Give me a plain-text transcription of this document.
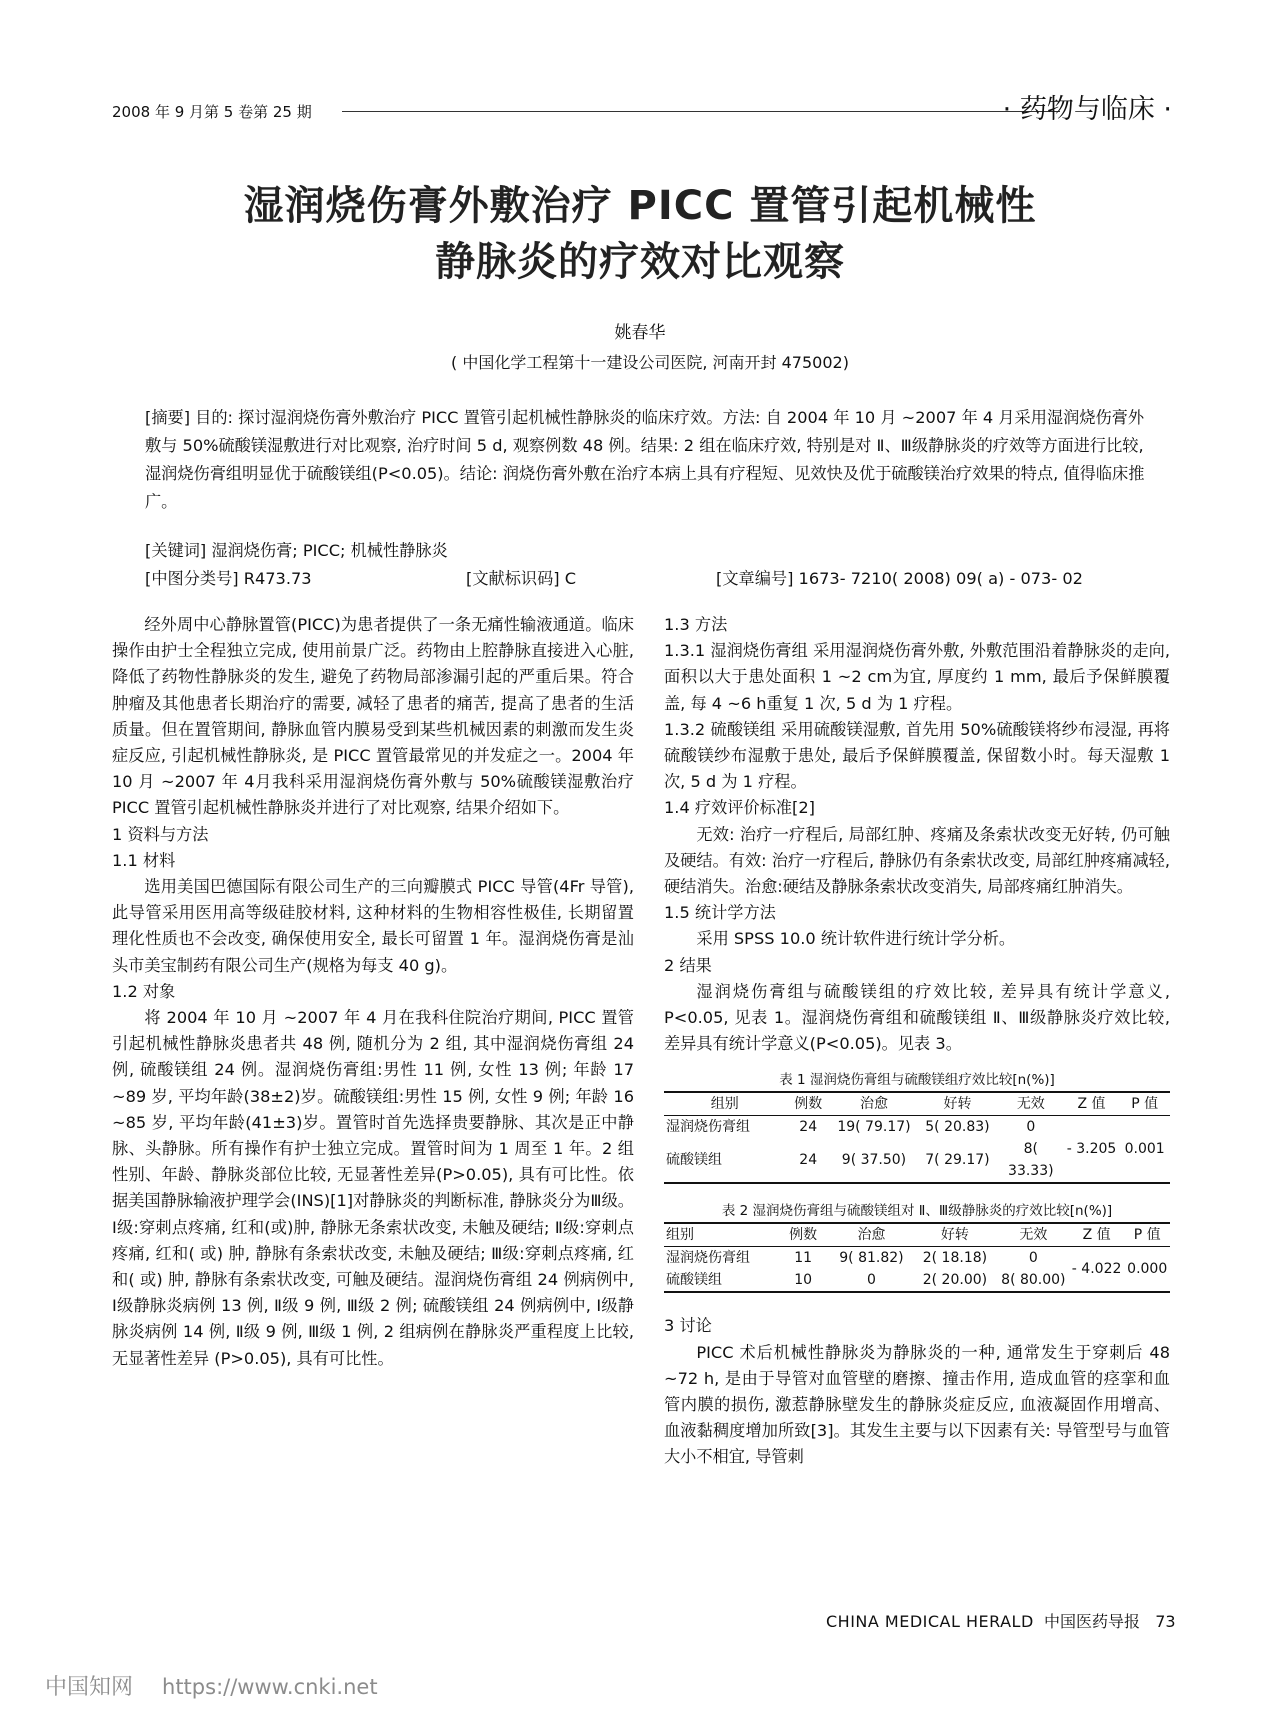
2008 年 9 月第 5 卷第 25 期	· 药物与临床 ·
湿润烧伤膏外敷治疗 PICC 置管引起机械性
静脉炎的疗效对比观察
姚春华
( 中国化学工程第十一建设公司医院, 河南开封 475002)

[摘要] 目的: 探讨湿润烧伤膏外敷治疗 PICC 置管引起机械性静脉炎的临床疗效。方法: 自 2004 年 10 月 ~2007 年 4 月采用湿润烧伤膏外敷与 50%硫酸镁湿敷进行对比观察, 治疗时间 5 d, 观察例数 48 例。结果: 2 组在临床疗效, 特别是对 Ⅱ、Ⅲ级静脉炎的疗效等方面进行比较, 湿润烧伤膏组明显优于硫酸镁组(P<0.05)。结论: 润烧伤膏外敷在治疗本病上具有疗程短、见效快及优于硫酸镁治疗效果的特点, 值得临床推广。

[关键词] 湿润烧伤膏; PICC; 机械性静脉炎
[中图分类号] R473.73	[文献标识码] C	[文章编号] 1673- 7210( 2008) 09( a) - 073- 02

经外周中心静脉置管(PICC)为患者提供了一条无痛性输液通道。临床操作由护士全程独立完成, 使用前景广泛。药物由上腔静脉直接进入心脏, 降低了药物性静脉炎的发生, 避免了药物局部渗漏引起的严重后果。符合肿瘤及其他患者长期治疗的需要, 减轻了患者的痛苦, 提高了患者的生活质量。但在置管期间, 静脉血管内膜易受到某些机械因素的刺激而发生炎症反应, 引起机械性静脉炎, 是 PICC 置管最常见的并发症之一。2004 年 10 月 ~2007 年 4月我科采用湿润烧伤膏外敷与 50%硫酸镁湿敷治疗 PICC 置管引起机械性静脉炎并进行了对比观察, 结果介绍如下。

1 资料与方法

1.1 材料

选用美国巴德国际有限公司生产的三向瓣膜式 PICC 导管(4Fr 导管), 此导管采用医用高等级硅胶材料, 这种材料的生物相容性极佳, 长期留置理化性质也不会改变, 确保使用安全, 最长可留置 1 年。湿润烧伤膏是汕头市美宝制药有限公司生产(规格为每支 40 g)。

1.2 对象

将 2004 年 10 月 ~2007 年 4 月在我科住院治疗期间, PICC 置管引起机械性静脉炎患者共 48 例, 随机分为 2 组, 其中湿润烧伤膏组 24 例, 硫酸镁组 24 例。湿润烧伤膏组:男性 11 例, 女性 13 例; 年龄 17 ~89 岁, 平均年龄(38±2)岁。硫酸镁组:男性 15 例, 女性 9 例; 年龄 16 ~85 岁, 平均年龄(41±3)岁。置管时首先选择贵要静脉、其次是正中静脉、头静脉。所有操作有护士独立完成。置管时间为 1 周至 1 年。2 组性别、年龄、静脉炎部位比较, 无显著性差异(P>0.05), 具有可比性。依据美国静脉输液护理学会(INS)[1]对静脉炎的判断标准, 静脉炎分为Ⅲ级。Ⅰ级:穿刺点疼痛, 红和(或)肿, 静脉无条索状改变, 未触及硬结; Ⅱ级:穿刺点疼痛, 红和( 或) 肿, 静脉有条索状改变, 未触及硬结; Ⅲ级:穿刺点疼痛, 红和( 或) 肿, 静脉有条索状改变, 可触及硬结。湿润烧伤膏组 24 例病例中, Ⅰ级静脉炎病例 13 例, Ⅱ级 9 例, Ⅲ级 2 例; 硫酸镁组 24 例病例中, Ⅰ级静脉炎病例 14 例, Ⅱ级 9 例, Ⅲ级 1 例, 2 组病例在静脉炎严重程度上比较, 无显著性差异 (P>0.05), 具有可比性。

1.3 方法

1.3.1 湿润烧伤膏组 采用湿润烧伤膏外敷, 外敷范围沿着静脉炎的走向, 面积以大于患处面积 1 ~2 cm为宜, 厚度约 1 mm, 最后予保鲜膜覆盖, 每 4 ~6 h重复 1 次, 5 d 为 1 疗程。

1.3.2 硫酸镁组 采用硫酸镁湿敷, 首先用 50%硫酸镁将纱布浸湿, 再将硫酸镁纱布湿敷于患处, 最后予保鲜膜覆盖, 保留数小时。每天湿敷 1 次, 5 d 为 1 疗程。

1.4 疗效评价标准[2]

无效: 治疗一疗程后, 局部红肿、疼痛及条索状改变无好转, 仍可触及硬结。有效: 治疗一疗程后, 静脉仍有条索状改变, 局部红肿疼痛减轻, 硬结消失。治愈:硬结及静脉条索状改变消失, 局部疼痛红肿消失。

1.5 统计学方法

采用 SPSS 10.0 统计软件进行统计学分析。

2 结果

湿润烧伤膏组与硫酸镁组的疗效比较, 差异具有统计学意义, P<0.05, 见表 1。湿润烧伤膏组和硫酸镁组 Ⅱ、Ⅲ级静脉炎疗效比较, 差异具有统计学意义(P<0.05)。见表 3。

表 1 湿润烧伤膏组与硫酸镁组疗效比较[n(%)]
组别	例数	治愈	好转	无效	Z 值	P 值
湿润烧伤膏组	24	19( 79.17)	5( 20.83)	0	- 3.205	0.001
硫酸镁组	24	9( 37.50)	7( 29.17)	8( 33.33)		
表 2 湿润烧伤膏组与硫酸镁组对 Ⅱ、Ⅲ级静脉炎的疗效比较[n(%)]
组别	例数	治愈	好转	无效	Z 值	P 值
湿润烧伤膏组	11	9( 81.82)	2( 18.18)	0	- 4.022	0.000
硫酸镁组	10	0	2( 20.00)	8( 80.00)		

3 讨论

PICC 术后机械性静脉炎为静脉炎的一种, 通常发生于穿刺后 48 ~72 h, 是由于导管对血管壁的磨擦、撞击作用, 造成血管的痉挛和血管内膜的损伤, 激惹静脉壁发生的静脉炎症反应, 血液凝固作用增高、血液黏稠度增加所致[3]。其发生主要与以下因素有关: 导管型号与血管大小不相宜, 导管刺

CHINA MEDICAL HERALD 中国医药导报 73
中国知网 https://www.cnki.net
